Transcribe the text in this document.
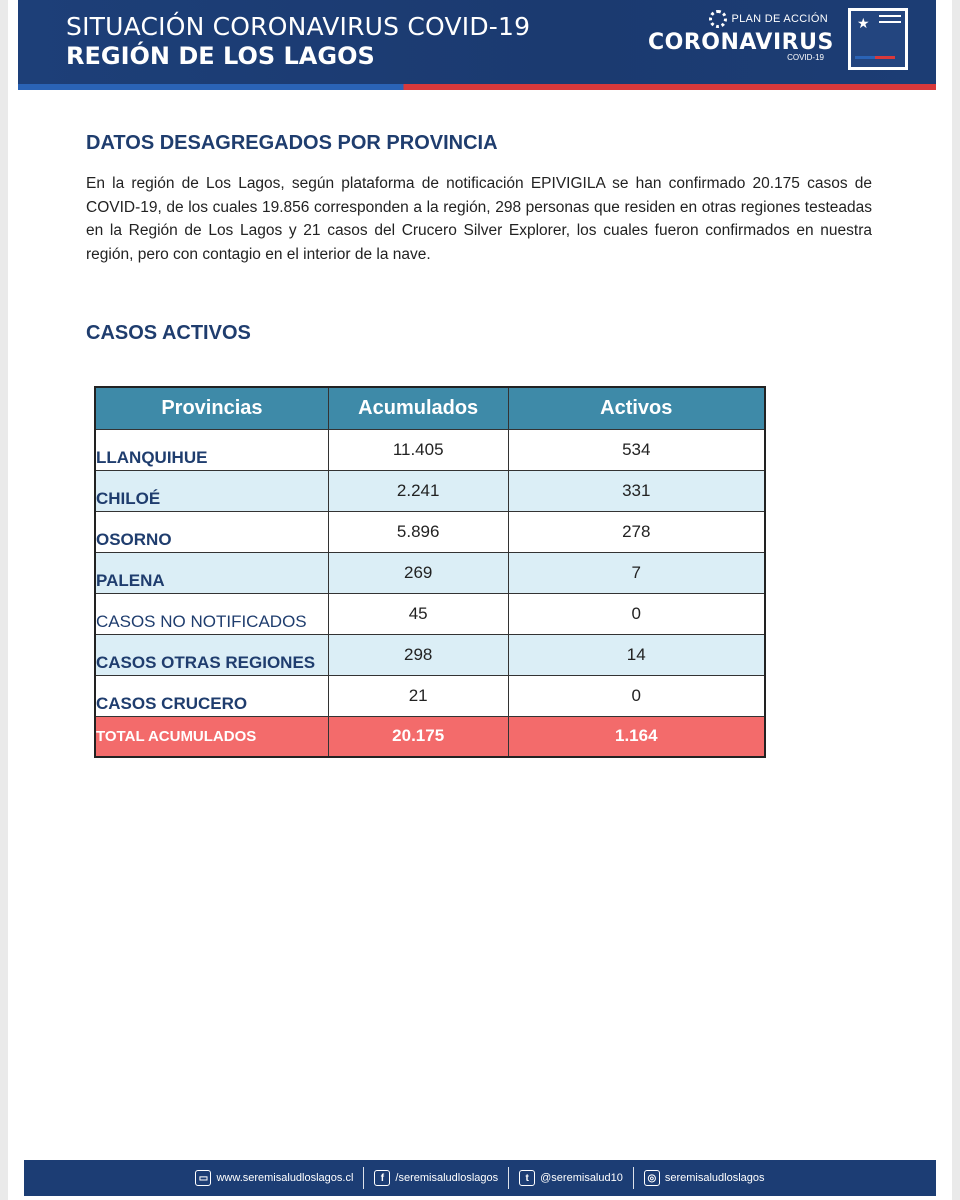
SITUACIÓN CORONAVIRUS COVID-19
REGIÓN DE LOS LAGOS
PLAN DE ACCIÓN
CORONAVIRUS
COVID-19
★
DATOS DESAGREGADOS POR PROVINCIA

En la región de Los Lagos, según plataforma de notificación EPIVIGILA se han confirmado 20.175 casos de COVID-19, de los cuales 19.856 corresponden a la región, 298 personas que residen en otras regiones testeadas en la Región de Los Lagos y 21 casos del Crucero Silver Explorer, los cuales fueron confirmados en nuestra región, pero con contagio en el interior de la nave.

CASOS ACTIVOS
Provincias	Acumulados	Activos
LLANQUIHUE	11.405	534
CHILOÉ	2.241	331
OSORNO	5.896	278
PALENA	269	7
CASOS NO NOTIFICADOS	45	0
CASOS OTRAS REGIONES	298	14
CASOS CRUCERO	21	0
TOTAL ACUMULADOS	20.175	1.164
▭ www.seremisaludloslagos.cl	f	/seremisaludloslagos	t	@seremisalud10	◎ seremisaludloslagos
